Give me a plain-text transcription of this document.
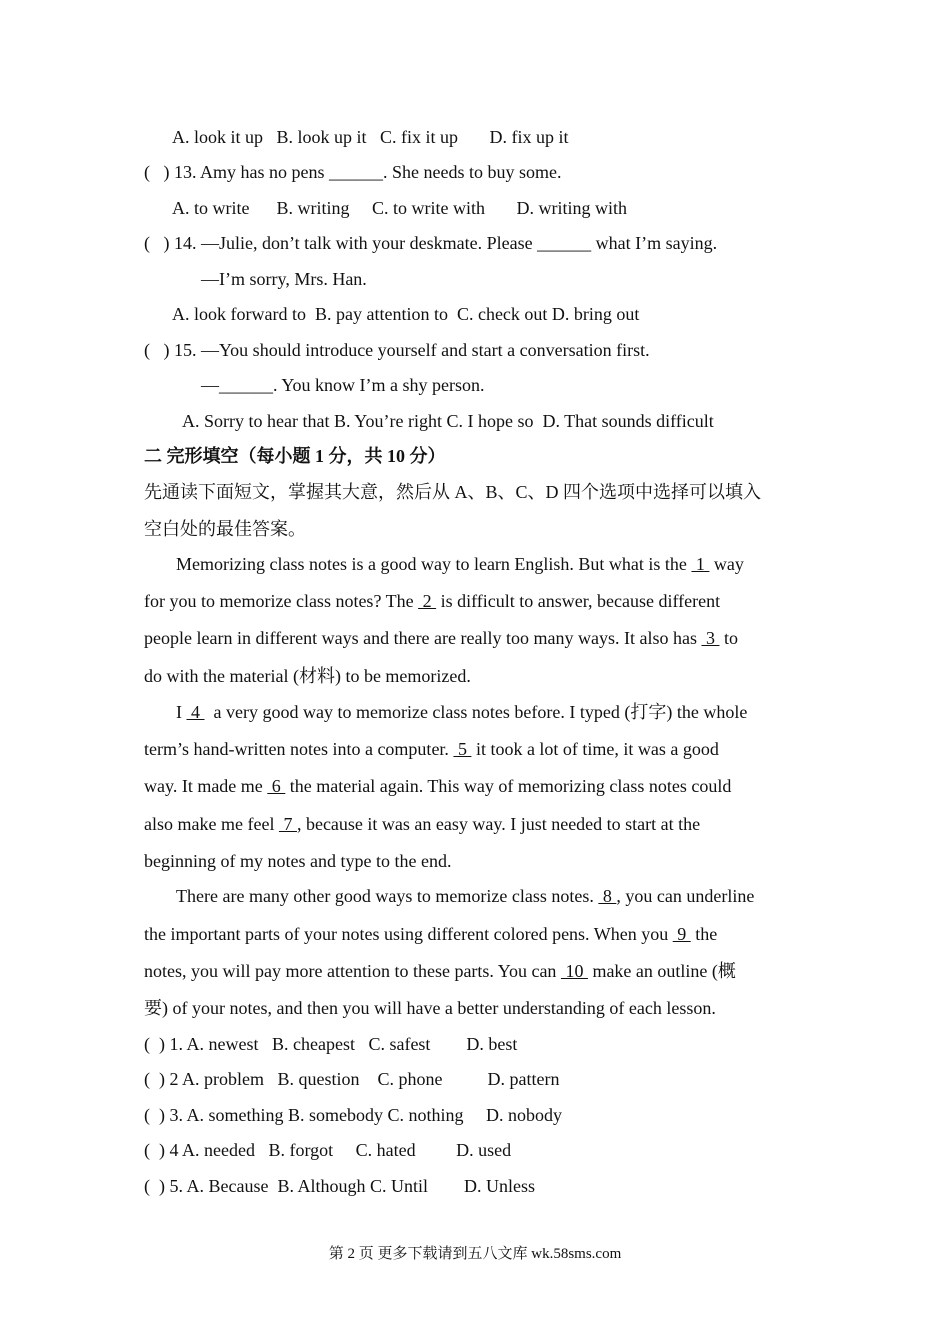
A. look it up   B. look up it   C. fix it up       D. fix up it
(   ) 13. Amy has no pens ______. She needs to buy some.
A. to write      B. writing     C. to write with       D. writing with
(   ) 14. —Julie, don’t talk with your deskmate. Please ______ what I’m saying.
—I’m sorry, Mrs. Han.
A. look forward to  B. pay attention to  C. check out D. bring out
(   ) 15. —You should introduce yourself and start a conversation first.
—______. You know I’m a shy person.
A. Sorry to hear that B. You’re right C. I hope so  D. That sounds difficult
二 完形填空（每小题 1 分，共 10 分）
先通读下面短文，掌握其大意，然后从 A、B、C、D 四个选项中选择可以填入
空白处的最佳答案。
Memorizing class notes is a good way to learn English. But what is the  1  way
for you to memorize class notes? The  2  is difficult to answer, because different
people learn in different ways and there are really too many ways. It also has  3  to
do with the material (材料) to be memorized.
I  4   a very good way to memorize class notes before. I typed (打字) the whole
term’s hand-written notes into a computer.  5  it took a lot of time, it was a good
way. It made me  6  the material again. This way of memorizing class notes could
also make me feel  7 , because it was an easy way. I just needed to start at the
beginning of my notes and type to the end.
There are many other good ways to memorize class notes.  8 , you can underline
the important parts of your notes using different colored pens. When you  9  the
notes, you will pay more attention to these parts. You can  10  make an outline (概
要) of your notes, and then you will have a better understanding of each lesson.
(  ) 1. A. newest   B. cheapest   C. safest        D. best
(  ) 2 A. problem   B. question    C. phone          D. pattern
(  ) 3. A. something B. somebody C. nothing     D. nobody
(  ) 4 A. needed   B. forgot     C. hated         D. used
(  ) 5. A. Because  B. Although C. Until        D. Unless
第 2 页 更多下载请到五八文库 wk.58sms.com
